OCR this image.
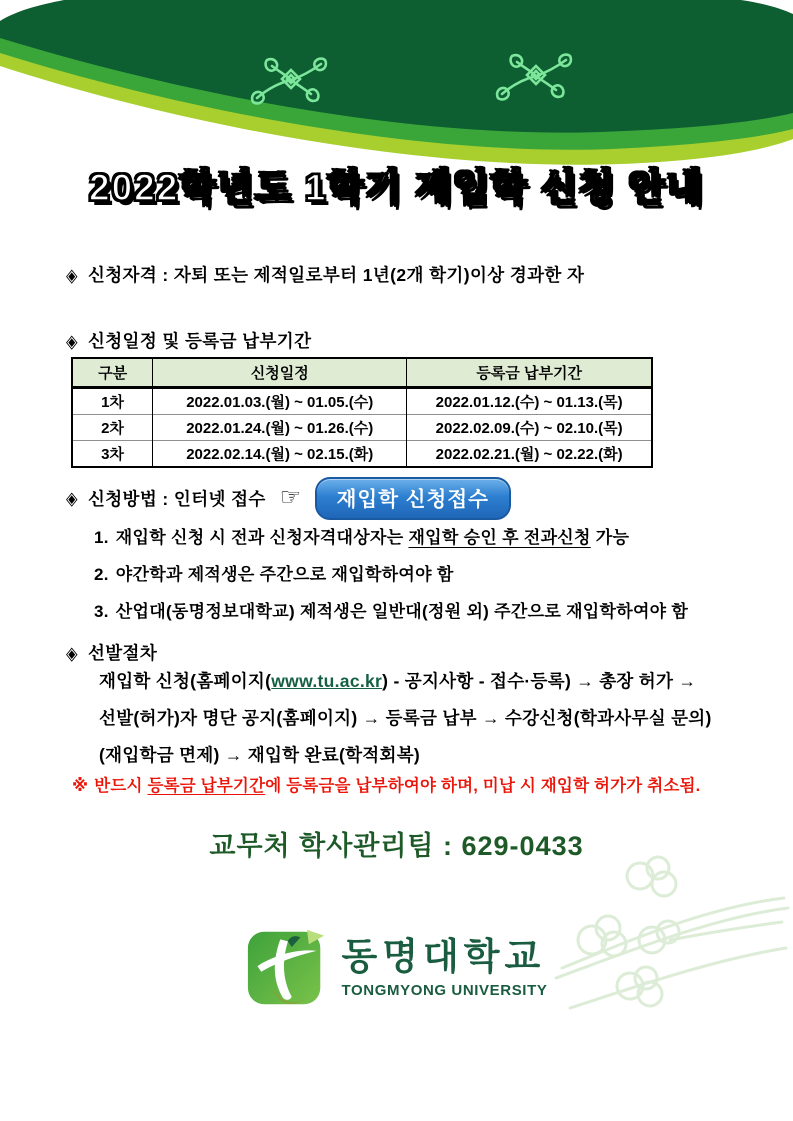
2022학년도 1학기 재입학 신청 안내
◈ 신청자격 : 자퇴 또는 제적일로부터 1년(2개 학기)이상 경과한 자
◈ 신청일정 및 등록금 납부기간
구분	신청일정	등록금 납부기간
1차	2022.01.03.(월) ~ 01.05.(수)	2022.01.12.(수) ~ 01.13.(목)
2차	2022.01.24.(월) ~ 01.26.(수)	2022.02.09.(수) ~ 02.10.(목)
3차	2022.02.14.(월) ~ 02.15.(화)	2022.02.21.(월) ~ 02.22.(화)
◈ 신청방법 : 인터넷 접수 ☞	재입학 신청접수
1. 재입학 신청 시 전과 신청자격대상자는 재입학 승인 후 전과신청 가능
2. 야간학과 제적생은 주간으로 재입학하여야 함
3. 산업대(동명정보대학교) 제적생은 일반대(정원 외) 주간으로 재입학하여야 함
◈ 선발절차
재입학 신청(홈페이지(www.tu.ac.kr) - 공지사항 - 접수·등록) → 총장 허가 →
선발(허가)자 명단 공지(홈페이지) → 등록금 납부 → 수강신청(학과사무실 문의)
(재입학금 면제) → 재입학 완료(학적회복)
※ 반드시 등록금 납부기간에 등록금을 납부하여야 하며, 미납 시 재입학 허가가 취소됨.
교무처 학사관리팀 : 629-0433
동명대학교
TONGMYONG UNIVERSITY
